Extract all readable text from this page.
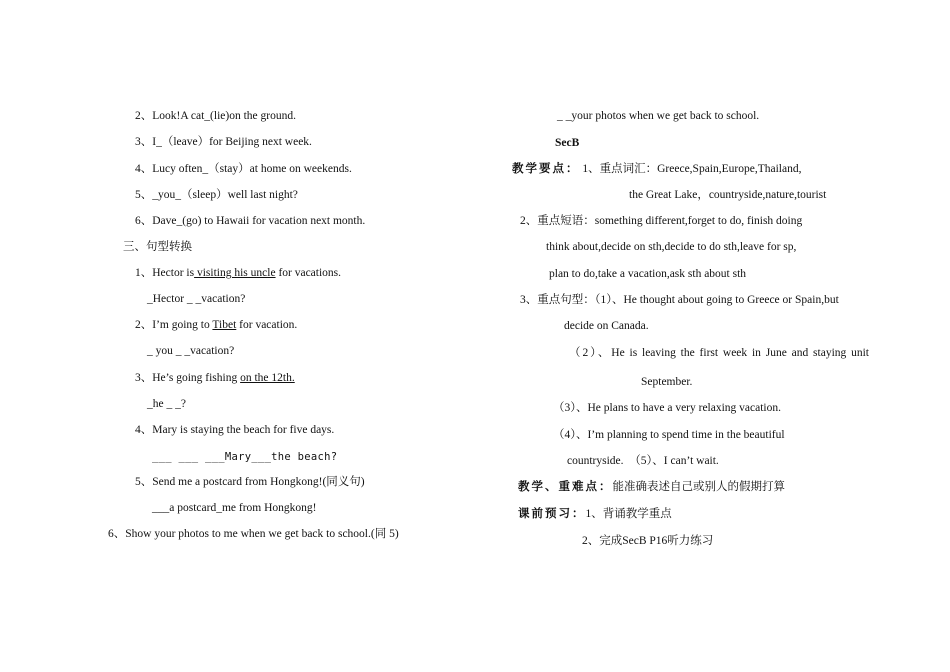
2、Look!A cat_(lie)on the ground.
3、I_（leave）for Beijing next week.
4、Lucy often_（stay）at home on weekends.
5、_you_（sleep）well last night?
6、Dave_(go) to Hawaii for vacation next month.
三、句型转换
1、Hector is visiting his uncle for vacations.
_Hector _ _vacation?
2、I’m going to Tibet for vacation.
_ you _ _vacation?
3、He’s going fishing on the 12th.
_he _ _?
4、Mary is staying the beach for five days.
___ ___ ___Mary___the beach?
5、Send me a postcard from Hongkong!(同义句)
___a postcard_me from Hongkong!
6、Show your photos to me when we get back to school.(同 5)
_ _your photos when we get back to school.
SecB
教学要点： 1、重点词汇：Greece,Spain,Europe,Thailand,
the Great Lake，countryside,nature,tourist
2、重点短语：something different,forget to do, finish doing
think about,decide on sth,decide to do sth,leave for sp,
plan to do,take a vacation,ask sth about sth
3、重点句型：（1）、He thought about going to Greece or Spain,but
decide on Canada.
（2）、He is leaving the first week in June and staying unit
September.
（3）、He plans to have a very relaxing vacation.
（4）、I’m planning to spend time in the beautiful
countryside.　（5）、I can’t wait.
教学、重难点：能准确表述自己或别人的假期打算
课前预习：1、背诵教学重点
2、完成SecB P16听力练习
